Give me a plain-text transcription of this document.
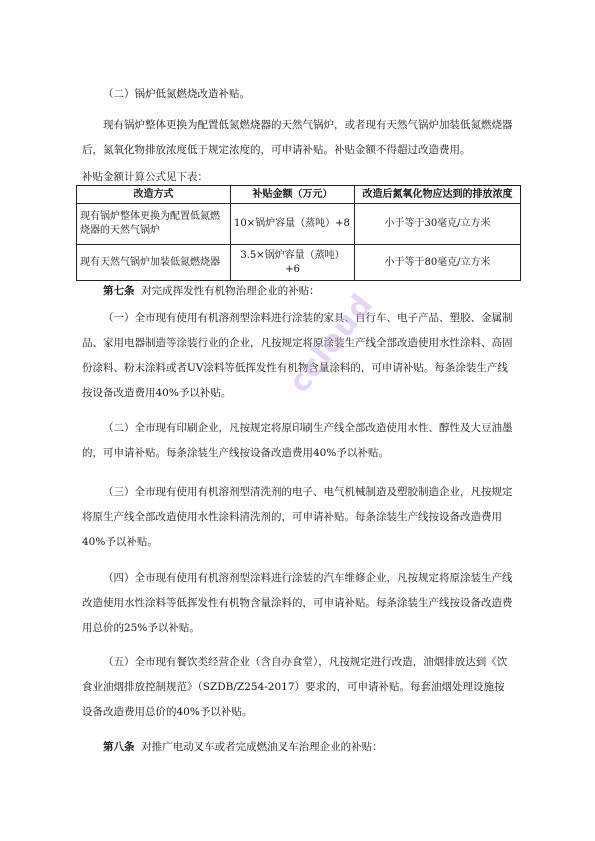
（二）锅炉低氮燃烧改造补贴。

现有锅炉整体更换为配置低氮燃烧器的天然气锅炉，或者现有天然气锅炉加装低氮燃烧器后，氮氧化物排放浓度低于规定浓度的，可申请补贴。补贴金额不得超过改造费用。

补贴金额计算公式见下表：
改造方式	补贴金额（万元）	改造后氮氧化物应达到的排放浓度
现有锅炉整体更换为配置低氮燃烧器的天然气锅炉	10×锅炉容量（蒸吨）+8	小于等于30毫克/立方米
现有天然气锅炉加装低氮燃烧器	3.5×锅炉容量（蒸吨）+6	小于等于80毫克/立方米

第七条 对完成挥发性有机物治理企业的补贴：

（一）全市现有使用有机溶剂型涂料进行涂装的家具、自行车、电子产品、塑胶、金属制品、家用电器制造等涂装行业的企业，凡按规定将原涂装生产线全部改造使用水性涂料、高固份涂料、粉末涂料或者UV涂料等低挥发性有机物含量涂料的，可申请补贴。每条涂装生产线按设备改造费用40%予以补贴。

（二）全市现有印刷企业，凡按规定将原印刷生产线全部改造使用水性、醇性及大豆油墨的，可申请补贴。每条涂装生产线按设备改造费用40%予以补贴。

（三）全市现有使用有机溶剂型清洗剂的电子、电气机械制造及塑胶制造企业，凡按规定将原生产线全部改造使用水性涂料清洗剂的，可申请补贴。每条涂装生产线按设备改造费用40%予以补贴。

（四）全市现有使用有机溶剂型涂料进行涂装的汽车维修企业，凡按规定将原涂装生产线改造使用水性涂料等低挥发性有机物含量涂料的，可申请补贴。每条涂装生产线按设备改造费用总价的25%予以补贴。

（五）全市现有餐饮类经营企业（含自办食堂），凡按规定进行改造，油烟排放达到《饮食业油烟排放控制规范》（SZDB/Z254-2017）要求的，可申请补贴。每套油烟处理设施按设备改造费用总价的40%予以补贴。

第八条 对推广电动叉车或者完成燃油叉车治理企业的补贴：

ccloud
